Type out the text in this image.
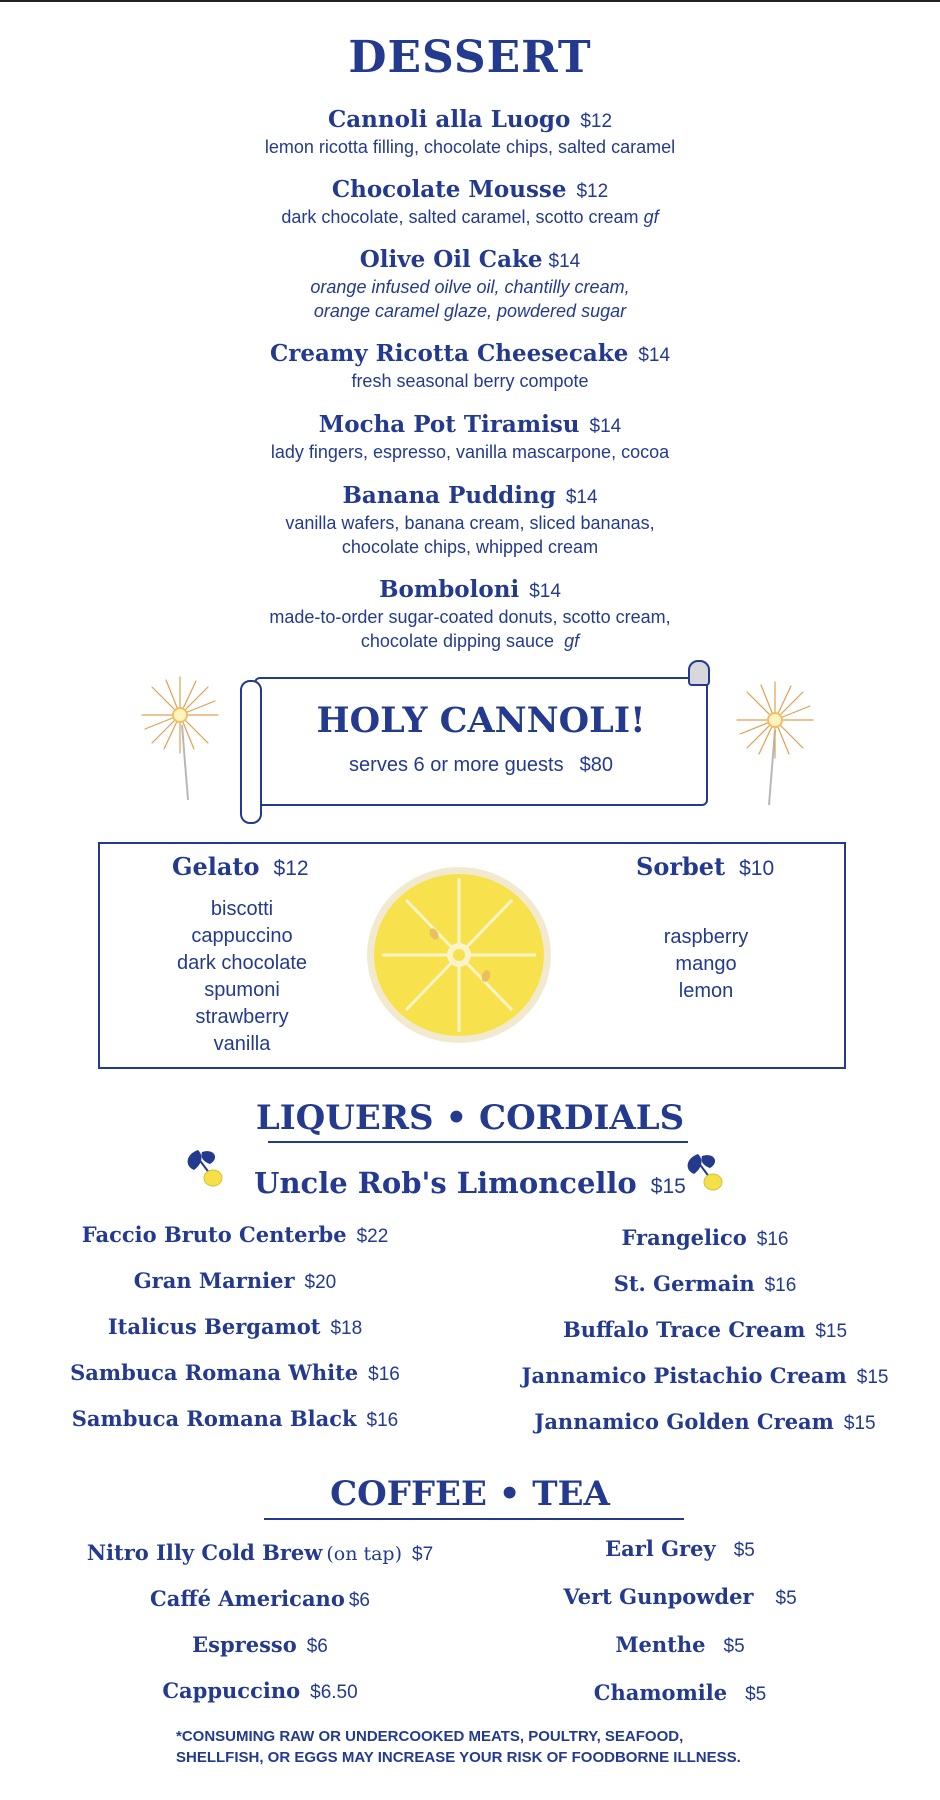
DESSERT
Cannoli alla Luogo $12
lemon ricotta filling, chocolate chips, salted caramel
Chocolate Mousse $12
dark chocolate, salted caramel, scotto cream gf
Olive Oil Cake $14
orange infused oilve oil, chantilly cream,
orange caramel glaze, powdered sugar
Creamy Ricotta Cheesecake $14
fresh seasonal berry compote
Mocha Pot Tiramisu $14
lady fingers, espresso, vanilla mascarpone, cocoa
Banana Pudding $14
vanilla wafers, banana cream, sliced bananas,
chocolate chips, whipped cream
Bomboloni $14
made-to-order sugar-coated donuts, scotto cream,
chocolate dipping sauce gf
HOLY CANNOLI!
serves 6 or more guests $80
Gelato $12
biscotti
cappuccino
dark chocolate
spumoni
strawberry
vanilla
Sorbet $10
raspberry
mango
lemon
LIQUERS • CORDIALS
Uncle Rob's Limoncello $15
Faccio Bruto Centerbe $22
Gran Marnier $20
Italicus Bergamot $18
Sambuca Romana White $16
Sambuca Romana Black $16
Frangelico $16
St. Germain $16
Buffalo Trace Cream $15
Jannamico Pistachio Cream $15
Jannamico Golden Cream $15
COFFEE • TEA
Nitro Illy Cold Brew (on tap) $7
Caffé Americano $6
Espresso $6
Cappuccino $6.50
Earl Grey $5
Vert Gunpowder $5
Menthe $5
Chamomile $5
*CONSUMING RAW OR UNDERCOOKED MEATS, POULTRY, SEAFOOD,
SHELLFISH, OR EGGS MAY INCREASE YOUR RISK OF FOODBORNE ILLNESS.
